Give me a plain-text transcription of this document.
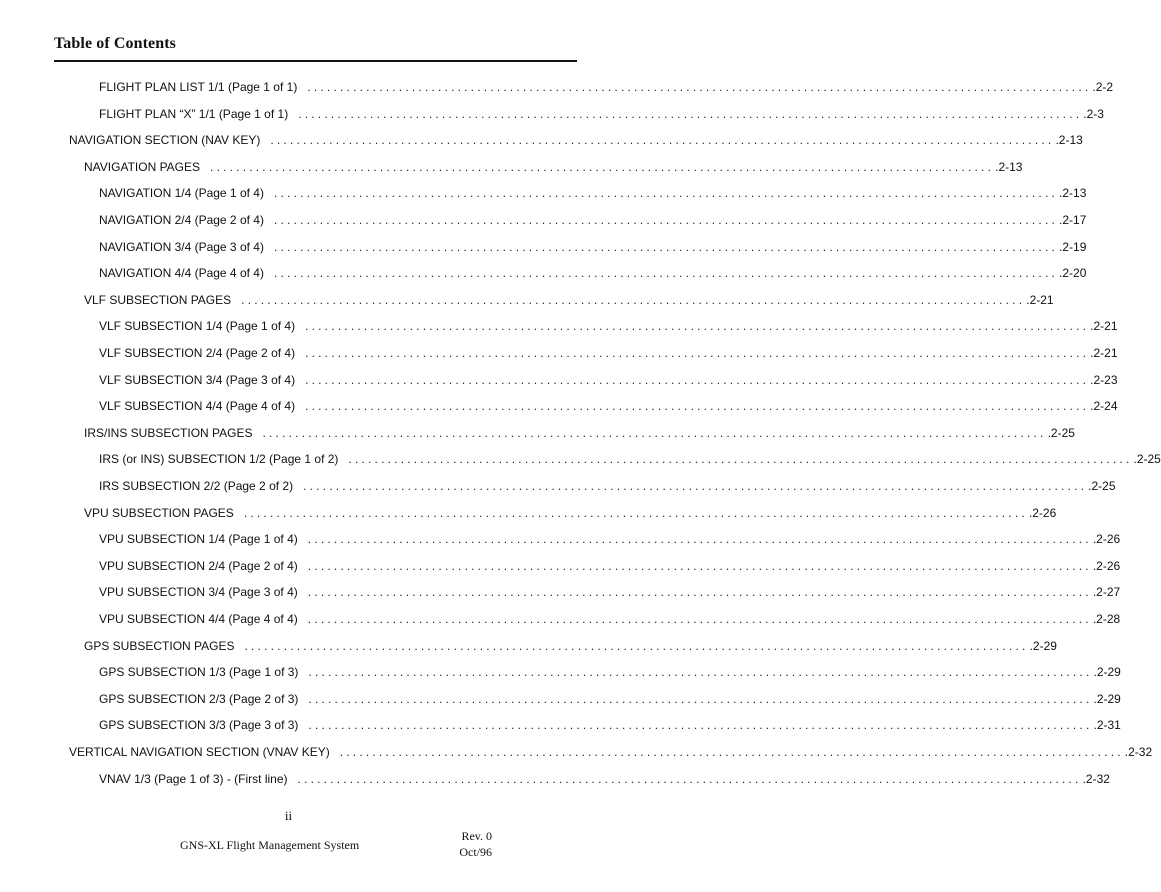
Table of Contents
FLIGHT PLAN LIST 1/1 (Page 1 of 1) ........................................................................................................................ .2-2
FLIGHT PLAN “X” 1/1 (Page 1 of 1) ........................................................................................................................ .2-3
NAVIGATION SECTION (NAV KEY) ........................................................................................................................ .2-13
NAVIGATION PAGES ........................................................................................................................ .2-13
NAVIGATION 1/4 (Page 1 of 4) ........................................................................................................................ .2-13
NAVIGATION 2/4 (Page 2 of 4) ........................................................................................................................ .2-17
NAVIGATION 3/4 (Page 3 of 4) ........................................................................................................................ .2-19
NAVIGATION 4/4 (Page 4 of 4) ........................................................................................................................ .2-20
VLF SUBSECTION PAGES ........................................................................................................................ .2-21
VLF SUBSECTION 1/4 (Page 1 of 4) ........................................................................................................................ .2-21
VLF SUBSECTION 2/4 (Page 2 of 4) ........................................................................................................................ .2-21
VLF SUBSECTION 3/4 (Page 3 of 4) ........................................................................................................................ .2-23
VLF SUBSECTION 4/4 (Page 4 of 4) ........................................................................................................................ .2-24
IRS/INS SUBSECTION PAGES ........................................................................................................................ .2-25
IRS (or INS) SUBSECTION 1/2 (Page 1 of 2) ........................................................................................................................ .2-25
IRS SUBSECTION 2/2 (Page 2 of 2) ........................................................................................................................ .2-25
VPU SUBSECTION PAGES ........................................................................................................................ .2-26
VPU SUBSECTION 1/4 (Page 1 of 4) ........................................................................................................................ .2-26
VPU SUBSECTION 2/4 (Page 2 of 4) ........................................................................................................................ .2-26
VPU SUBSECTION 3/4 (Page 3 of 4) ........................................................................................................................ .2-27
VPU SUBSECTION 4/4 (Page 4 of 4) ........................................................................................................................ .2-28
GPS SUBSECTION PAGES ........................................................................................................................ .2-29
GPS SUBSECTION 1/3 (Page 1 of 3) ........................................................................................................................ .2-29
GPS SUBSECTION 2/3 (Page 2 of 3) ........................................................................................................................ .2-29
GPS SUBSECTION 3/3 (Page 3 of 3) ........................................................................................................................ .2-31
VERTICAL NAVIGATION SECTION (VNAV KEY) ........................................................................................................................ .2-32
VNAV 1/3 (Page 1 of 3) - (First line) ........................................................................................................................ .2-32
ii
GNS-XL Flight Management System
Rev. 0
Oct/96
